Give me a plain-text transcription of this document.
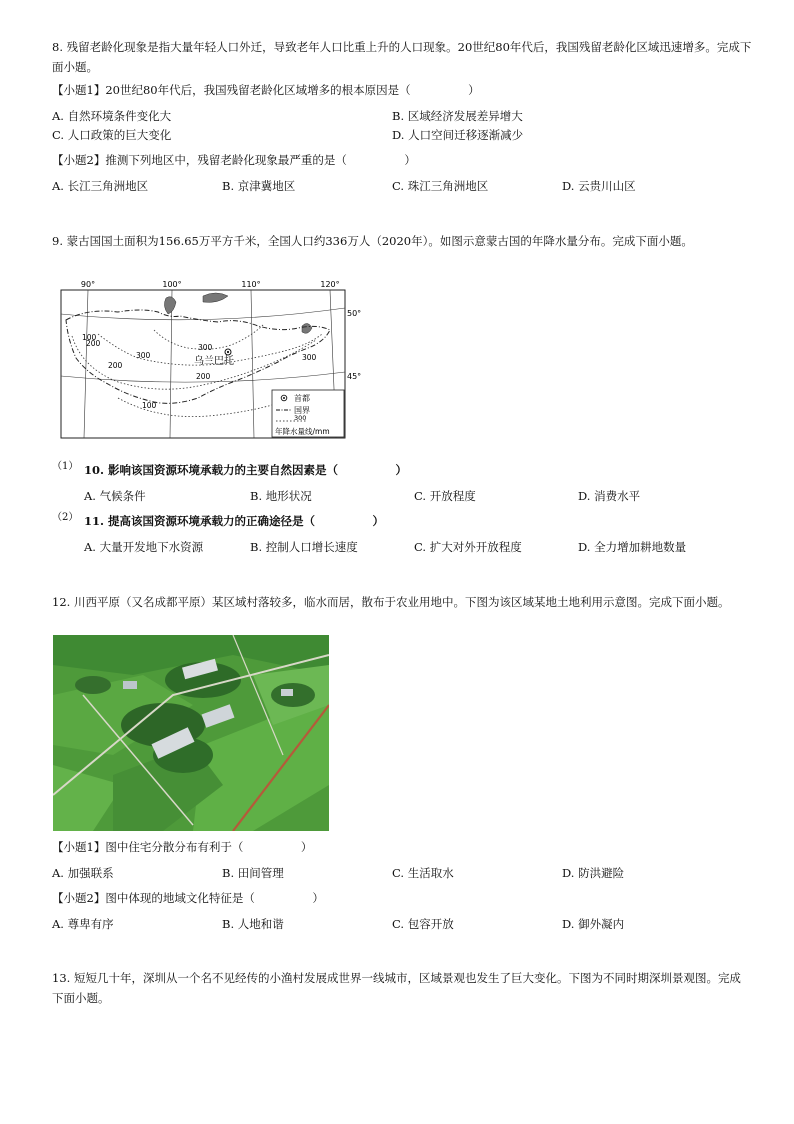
8. 残留老龄化现象是指大量年轻人口外迁，导致老年人口比重上升的人口现象。20世纪80年代后，我国残留老龄化区域迅速增多。完成下面小题。
【小题1】20世纪80年代后，我国残留老龄化区域增多的根本原因是（　　　　　）
A. 自然环境条件变化大	B. 区域经济发展差异增大
C. 人口政策的巨大变化	D. 人口空间迁移逐渐减少
【小题2】推测下列地区中，残留老龄化现象最严重的是（　　　　　）
A. 长江三角洲地区	B. 京津冀地区	C. 珠江三角洲地区	D. 云贵川山区
9. 蒙古国国土面积为156.65万平方千米，全国人口约336万人（2020年）。如图示意蒙古国的年降水量分布。完成下面小题。
90°	100°	110°	120°
50°
45°
300
300
200
200
300
100
200
100
乌兰巴托
首都
国界
300
年降水量线/mm
（1） 10. 影响该国资源环境承载力的主要自然因素是（　　　　　）
A. 气候条件	B. 地形状况	C. 开放程度	D. 消费水平
（2） 11. 提高该国资源环境承载力的正确途径是（　　　　　）
A. 大量开发地下水资源	B. 控制人口增长速度	C. 扩大对外开放程度	D. 全力增加耕地数量
12. 川西平原（又名成都平原）某区域村落较多，临水而居，散布于农业用地中。下图为该区域某地土地利用示意图。完成下面小题。
【小题1】图中住宅分散分布有利于（　　　　　）
A. 加强联系	B. 田间管理	C. 生活取水	D. 防洪避险
【小题2】图中体现的地域文化特征是（　　　　　）
A. 尊卑有序	B. 人地和谐	C. 包容开放	D. 御外凝内
13. 短短几十年，深圳从一个名不见经传的小渔村发展成世界一线城市，区域景观也发生了巨大变化。下图为不同时期深圳景观图。完成下面小题。
